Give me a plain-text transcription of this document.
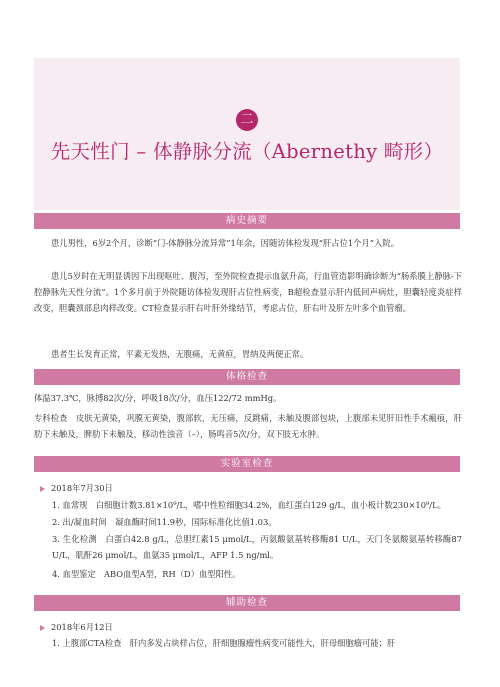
二
先天性门 – 体静脉分流（Abernethy 畸形）
病史摘要
患儿男性，6岁2个月，诊断“门-体静脉分流异常”1年余，因随访体检发现“肝占位1个月”入院。
患儿5岁时在无明显诱因下出现呕吐、腹泻，至外院检查提示血氨升高，行血管造影明确诊断为“肠系膜上静脉-下腔静脉先天性分流”。1个多月前于外院随访体检发现肝占位性病变，B超检查显示肝内低回声病灶，胆囊轻度炎症样改变，胆囊颈部息肉样改变。CT检查显示肝右叶肝外缘结节，考虑占位，肝右叶及肝左叶多个血管瘤。
患者生长发育正常，平素无发热，无腹痛，无黄疸，胃纳及两便正常。
体格检查
体温37.3℃，脉搏82次/分，呼吸18次/分，血压122/72 mmHg。
专科检查　皮肤无黄染，巩膜无黄染，腹部软，无压痛，反跳痛，未触及腹部包块，上腹部未见肝旧性手术瘢痕，肝肋下未触及，脾肋下未触及，移动性浊音（–），肠鸣音5次/分，双下肢无水肿。
实验室检查
2018年7月30日
1. 血常规　白细胞计数3.81×10⁹/L，嗜中性粒细胞34.2%，血红蛋白129 g/L，血小板计数230×10⁹/L。
2. 出/凝血时间　凝血酶时间11.9秒，国际标准化比值1.03。
3. 生化检测　白蛋白42.8 g/L，总胆红素15 μmol/L，丙氨酸氨基转移酶81 U/L，天门冬氨酸氨基转移酶87 U/L，肌酐26 μmol/L，血氨35 μmol/L，AFP 1.5 ng/ml。
4. 血型鉴定　ABO血型A型，RH（D）血型阳性。
辅助检查
2018年6月12日
1. 上腹部CTA检查　肝内多发占块样占位，肝细胞腺瘤性病变可能性大，肝母细胞瘤可能；肝
